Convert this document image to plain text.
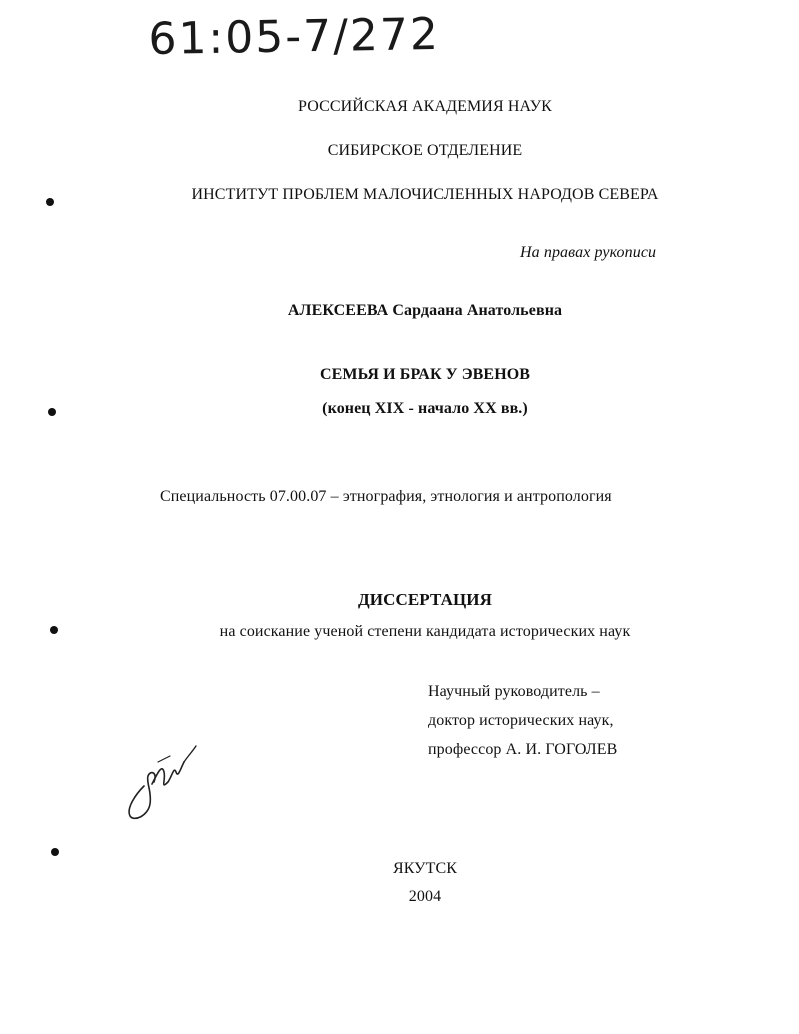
61:05-7/272
РОССИЙСКАЯ АКАДЕМИЯ НАУК
СИБИРСКОЕ ОТДЕЛЕНИЕ
ИНСТИТУТ ПРОБЛЕМ МАЛОЧИСЛЕННЫХ НАРОДОВ СЕВЕРА
На правах рукописи
АЛЕКСЕЕВА Сардаана Анатольевна
СЕМЬЯ И БРАК У ЭВЕНОВ
(конец XIX - начало XX вв.)
Специальность 07.00.07 – этнография, этнология и антропология
ДИССЕРТАЦИЯ
на соискание ученой степени кандидата исторических наук
Научный руководитель –
доктор исторических наук,
профессор А. И. ГОГОЛЕВ
ЯКУТСК
2004
